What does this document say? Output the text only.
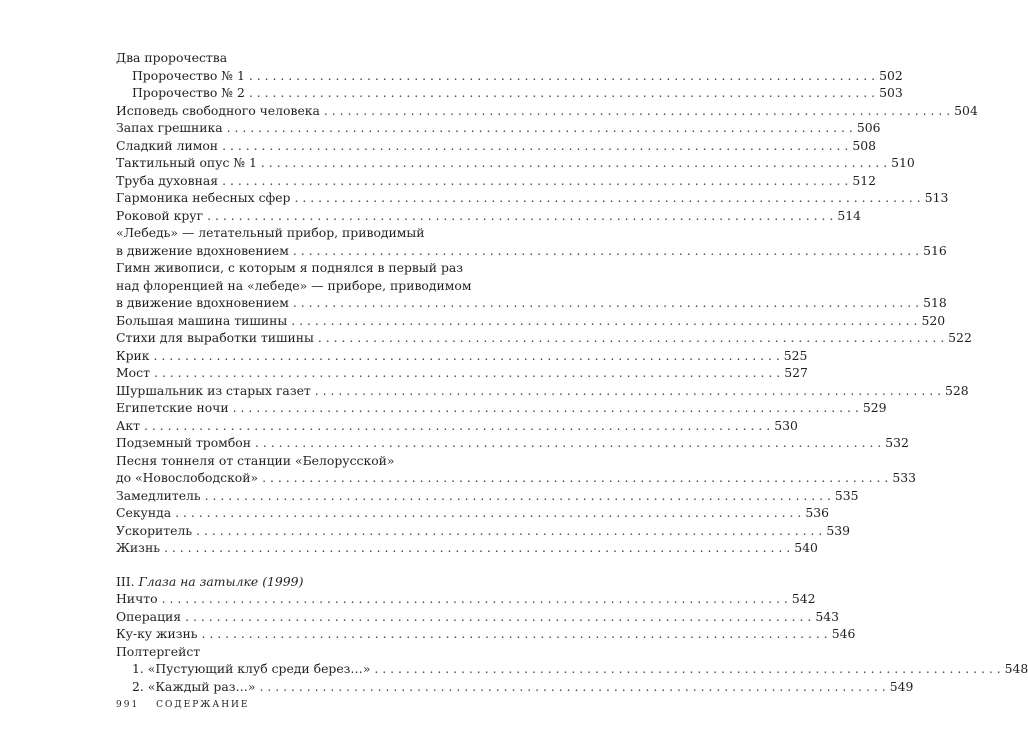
Два пророчества
Пророчество № 1 . . . . . . . . . . . . . . . . . . . . . . . . . . . . . . . . . . . . . . . . . . . . . . . . . . . . . . . . . . . . . . . . . . . . . . . . . . . . . . . . 502
Пророчество № 2 . . . . . . . . . . . . . . . . . . . . . . . . . . . . . . . . . . . . . . . . . . . . . . . . . . . . . . . . . . . . . . . . . . . . . . . . . . . . . . . . 503
Исповедь свободного человека . . . . . . . . . . . . . . . . . . . . . . . . . . . . . . . . . . . . . . . . . . . . . . . . . . . . . . . . . . . . . . . . . . . . . . . . . . . . . . . . 504
Запах грешника . . . . . . . . . . . . . . . . . . . . . . . . . . . . . . . . . . . . . . . . . . . . . . . . . . . . . . . . . . . . . . . . . . . . . . . . . . . . . . . . 506
Сладкий лимон . . . . . . . . . . . . . . . . . . . . . . . . . . . . . . . . . . . . . . . . . . . . . . . . . . . . . . . . . . . . . . . . . . . . . . . . . . . . . . . . 508
Тактильный опус № 1 . . . . . . . . . . . . . . . . . . . . . . . . . . . . . . . . . . . . . . . . . . . . . . . . . . . . . . . . . . . . . . . . . . . . . . . . . . . . . . . . 510
Труба духовная . . . . . . . . . . . . . . . . . . . . . . . . . . . . . . . . . . . . . . . . . . . . . . . . . . . . . . . . . . . . . . . . . . . . . . . . . . . . . . . . 512
Гармоника небесных сфер . . . . . . . . . . . . . . . . . . . . . . . . . . . . . . . . . . . . . . . . . . . . . . . . . . . . . . . . . . . . . . . . . . . . . . . . . . . . . . . . 513
Роковой круг . . . . . . . . . . . . . . . . . . . . . . . . . . . . . . . . . . . . . . . . . . . . . . . . . . . . . . . . . . . . . . . . . . . . . . . . . . . . . . . . 514
«Лебедь» — летательный прибор, приводимый
в движение вдохновением . . . . . . . . . . . . . . . . . . . . . . . . . . . . . . . . . . . . . . . . . . . . . . . . . . . . . . . . . . . . . . . . . . . . . . . . . . . . . . . . 516
Гимн живописи, с которым я поднялся в первый раз
над флоренцией на «лебеде» — приборе, приводимом
в движение вдохновением . . . . . . . . . . . . . . . . . . . . . . . . . . . . . . . . . . . . . . . . . . . . . . . . . . . . . . . . . . . . . . . . . . . . . . . . . . . . . . . . 518
Большая машина тишины . . . . . . . . . . . . . . . . . . . . . . . . . . . . . . . . . . . . . . . . . . . . . . . . . . . . . . . . . . . . . . . . . . . . . . . . . . . . . . . . 520
Стихи для выработки тишины . . . . . . . . . . . . . . . . . . . . . . . . . . . . . . . . . . . . . . . . . . . . . . . . . . . . . . . . . . . . . . . . . . . . . . . . . . . . . . . . 522
Крик . . . . . . . . . . . . . . . . . . . . . . . . . . . . . . . . . . . . . . . . . . . . . . . . . . . . . . . . . . . . . . . . . . . . . . . . . . . . . . . . 525
Мост . . . . . . . . . . . . . . . . . . . . . . . . . . . . . . . . . . . . . . . . . . . . . . . . . . . . . . . . . . . . . . . . . . . . . . . . . . . . . . . . 527
Шуршальник из старых газет . . . . . . . . . . . . . . . . . . . . . . . . . . . . . . . . . . . . . . . . . . . . . . . . . . . . . . . . . . . . . . . . . . . . . . . . . . . . . . . . 528
Египетские ночи . . . . . . . . . . . . . . . . . . . . . . . . . . . . . . . . . . . . . . . . . . . . . . . . . . . . . . . . . . . . . . . . . . . . . . . . . . . . . . . . 529
Акт . . . . . . . . . . . . . . . . . . . . . . . . . . . . . . . . . . . . . . . . . . . . . . . . . . . . . . . . . . . . . . . . . . . . . . . . . . . . . . . . 530
Подземный тромбон . . . . . . . . . . . . . . . . . . . . . . . . . . . . . . . . . . . . . . . . . . . . . . . . . . . . . . . . . . . . . . . . . . . . . . . . . . . . . . . . 532
Песня тоннеля от станции «Белорусской»
до «Новослободской» . . . . . . . . . . . . . . . . . . . . . . . . . . . . . . . . . . . . . . . . . . . . . . . . . . . . . . . . . . . . . . . . . . . . . . . . . . . . . . . . 533
Замедлитель . . . . . . . . . . . . . . . . . . . . . . . . . . . . . . . . . . . . . . . . . . . . . . . . . . . . . . . . . . . . . . . . . . . . . . . . . . . . . . . . 535
Секунда . . . . . . . . . . . . . . . . . . . . . . . . . . . . . . . . . . . . . . . . . . . . . . . . . . . . . . . . . . . . . . . . . . . . . . . . . . . . . . . . 536
Ускоритель . . . . . . . . . . . . . . . . . . . . . . . . . . . . . . . . . . . . . . . . . . . . . . . . . . . . . . . . . . . . . . . . . . . . . . . . . . . . . . . . 539
Жизнь . . . . . . . . . . . . . . . . . . . . . . . . . . . . . . . . . . . . . . . . . . . . . . . . . . . . . . . . . . . . . . . . . . . . . . . . . . . . . . . . 540
III. Глаза на затылке (1999)
Ничто . . . . . . . . . . . . . . . . . . . . . . . . . . . . . . . . . . . . . . . . . . . . . . . . . . . . . . . . . . . . . . . . . . . . . . . . . . . . . . . . 542
Операция . . . . . . . . . . . . . . . . . . . . . . . . . . . . . . . . . . . . . . . . . . . . . . . . . . . . . . . . . . . . . . . . . . . . . . . . . . . . . . . . 543
Ку-ку жизнь . . . . . . . . . . . . . . . . . . . . . . . . . . . . . . . . . . . . . . . . . . . . . . . . . . . . . . . . . . . . . . . . . . . . . . . . . . . . . . . . 546
Полтергейст
1. «Пустующий клуб среди берез…» . . . . . . . . . . . . . . . . . . . . . . . . . . . . . . . . . . . . . . . . . . . . . . . . . . . . . . . . . . . . . . . . . . . . . . . . . . . . . . . . 548
2. «Каждый раз…» . . . . . . . . . . . . . . . . . . . . . . . . . . . . . . . . . . . . . . . . . . . . . . . . . . . . . . . . . . . . . . . . . . . . . . . . . . . . . . . . 549
991 СОДЕРЖАНИЕ
